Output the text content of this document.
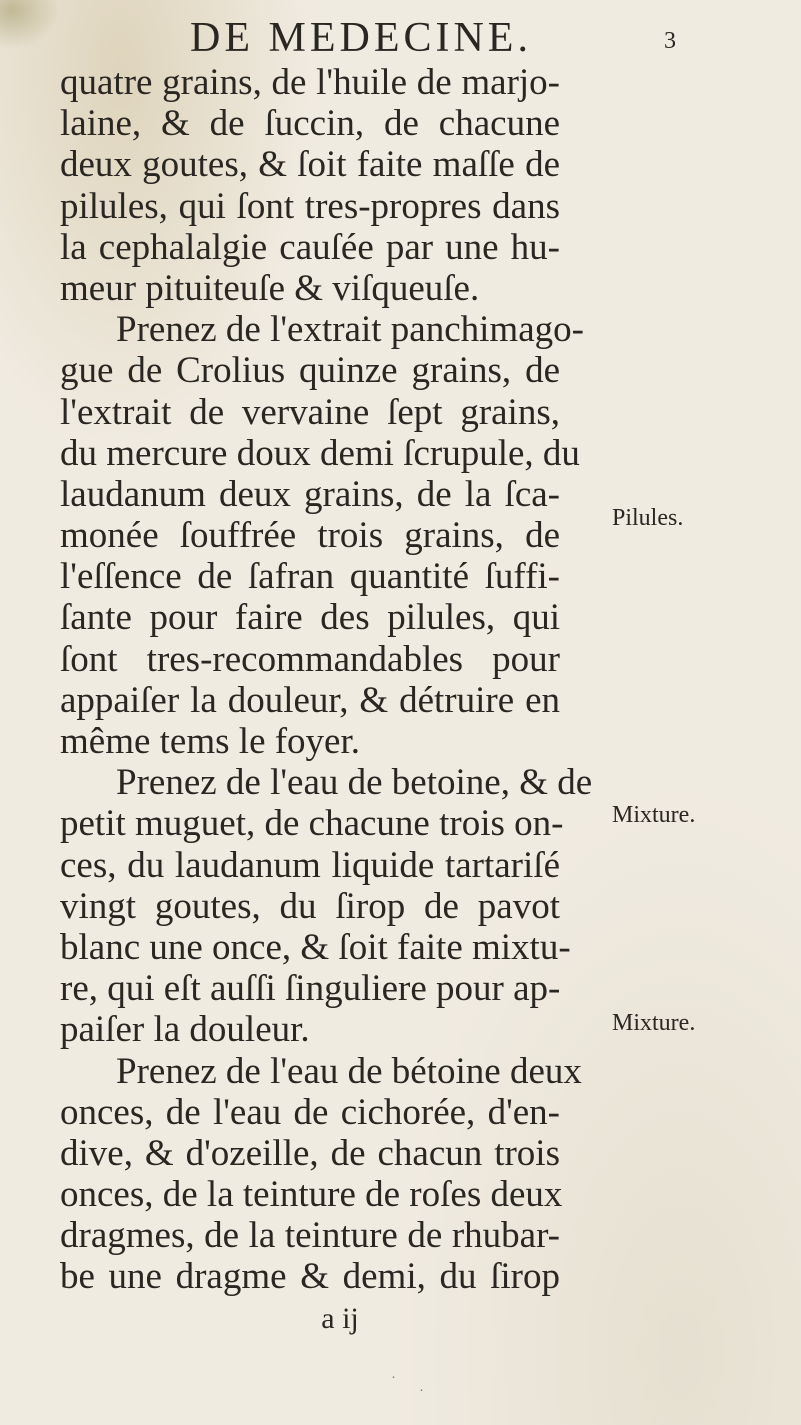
DE MEDECINE.	3
quatre grains, de l'huile de marjo-
laine, & de ſuccin, de chacune
deux goutes, & ſoit faite maſſe de
pilules, qui ſont tres-propres dans
la cephalalgie cauſée par une hu-
meur pituiteuſe & viſqueuſe.
Prenez de l'extrait panchimago-
gue de Crolius quinze grains, de
l'extrait de vervaine ſept grains,
du mercure doux demi ſcrupule, du
laudanum deux grains, de la ſca-
monée ſouffrée trois grains, de
l'eſſence de ſafran quantité ſuffi-
ſante pour faire des pilules, qui
ſont tres-recommandables pour
appaiſer la douleur, & détruire en
même tems le foyer.
Prenez de l'eau de betoine, & de
petit muguet, de chacune trois on-
ces, du laudanum liquide tartariſé
vingt goutes, du ſirop de pavot
blanc une once, & ſoit faite mixtu-
re, qui eſt auſſi ſinguliere pour ap-
paiſer la douleur.
Prenez de l'eau de bétoine deux
onces, de l'eau de cichorée, d'en-
dive, & d'ozeille, de chacun trois
onces, de la teinture de roſes deux
dragmes, de la teinture de rhubar-
be une dragme & demi, du ſirop
a ij
Pilules.
Mixture.
Mixture.
˙
˙
